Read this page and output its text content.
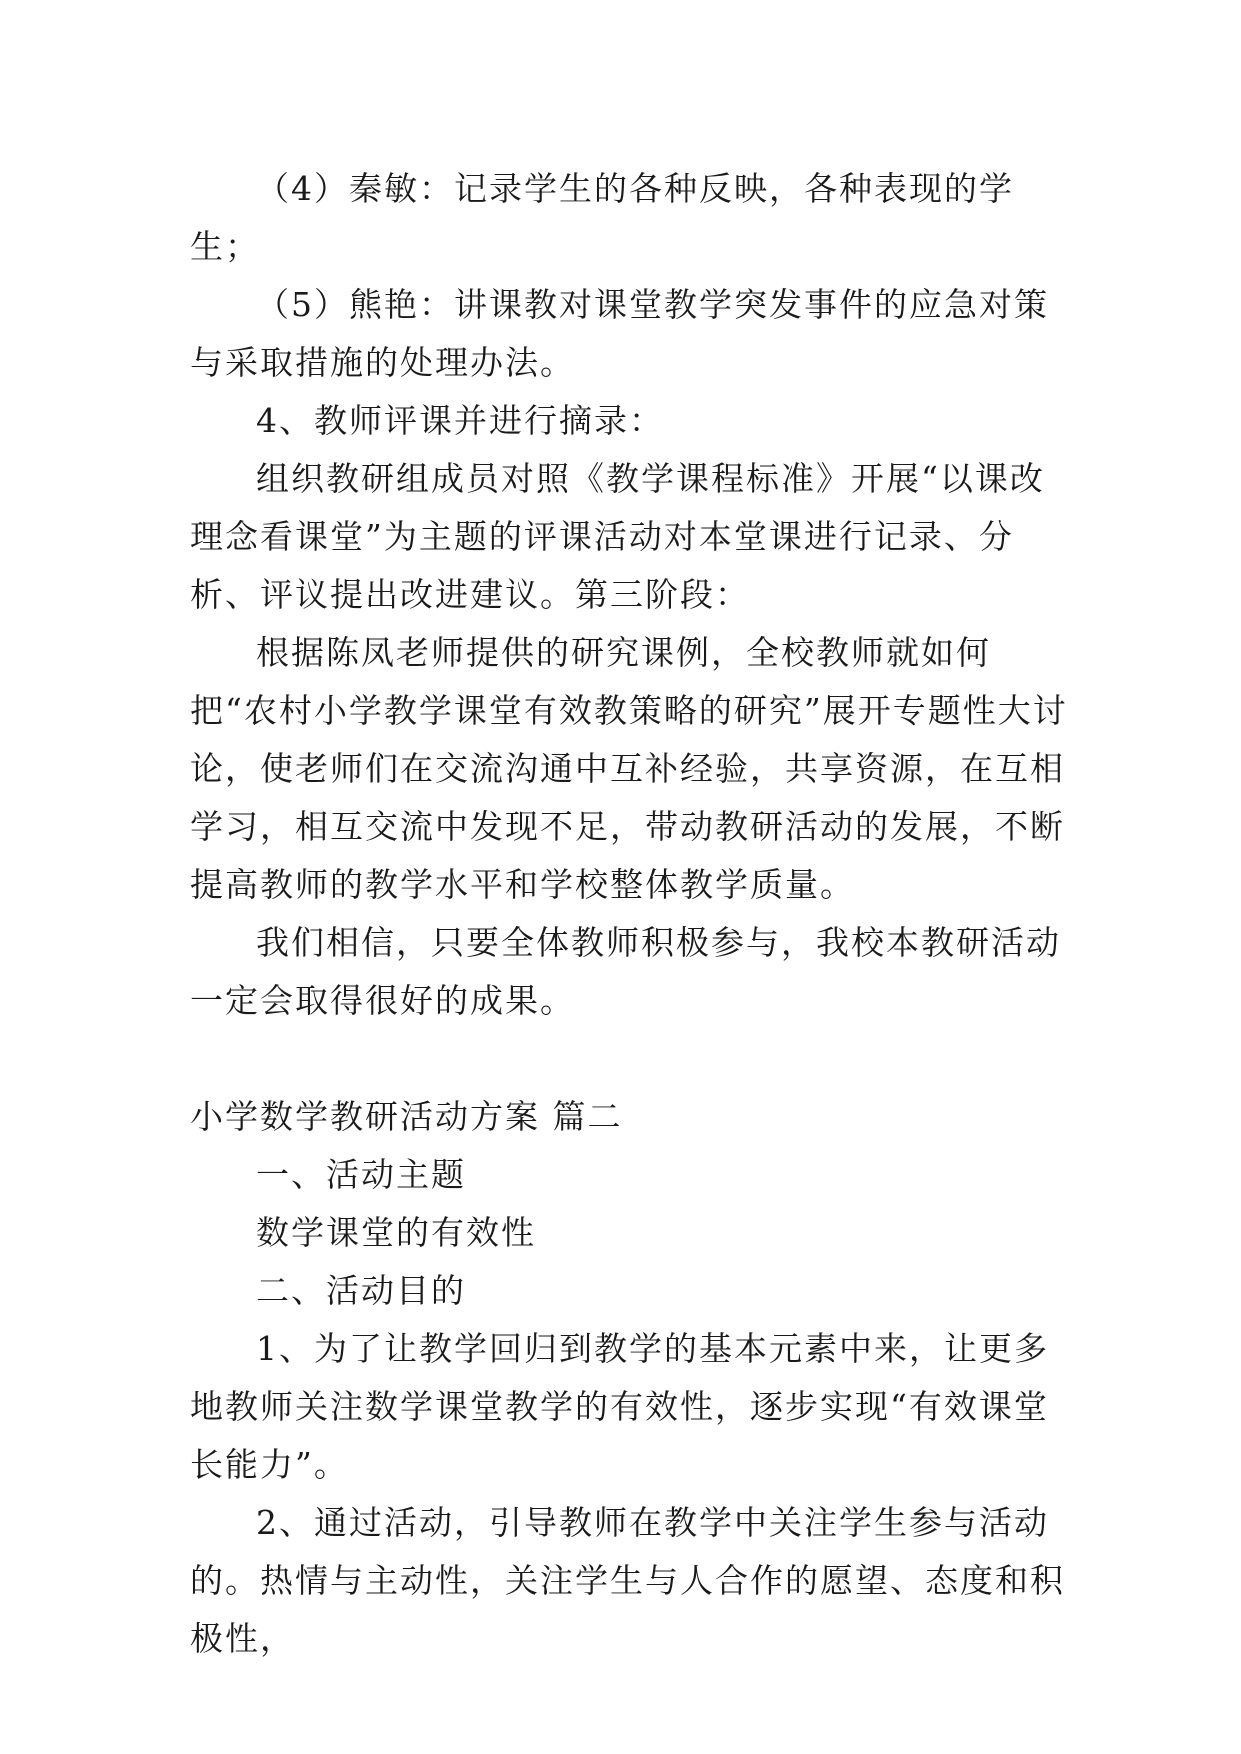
（4）秦敏：记录学生的各种反映，各种表现的学生；

（5）熊艳：讲课教对课堂教学突发事件的应急对策与采取措施的处理办法。

4、教师评课并进行摘录：

组织教研组成员对照《教学课程标准》开展“以课改理念看课堂”为主题的评课活动对本堂课进行记录、分析、评议提出改进建议。第三阶段：

根据陈凤老师提供的研究课例，全校教师就如何把“农村小学教学课堂有效教策略的研究”展开专题性大讨论，使老师们在交流沟通中互补经验，共享资源，在互相学习，相互交流中发现不足，带动教研活动的发展，不断提高教师的教学水平和学校整体教学质量。

我们相信，只要全体教师积极参与，我校本教研活动一定会取得很好的成果。

小学数学教研活动方案 篇二

一、活动主题

数学课堂的有效性

二、活动目的

1、为了让教学回归到教学的基本元素中来，让更多地教师关注数学课堂教学的有效性，逐步实现“有效课堂长能力”。

2、通过活动，引导教师在教学中关注学生参与活动的。热情与主动性，关注学生与人合作的愿望、态度和积极性，
